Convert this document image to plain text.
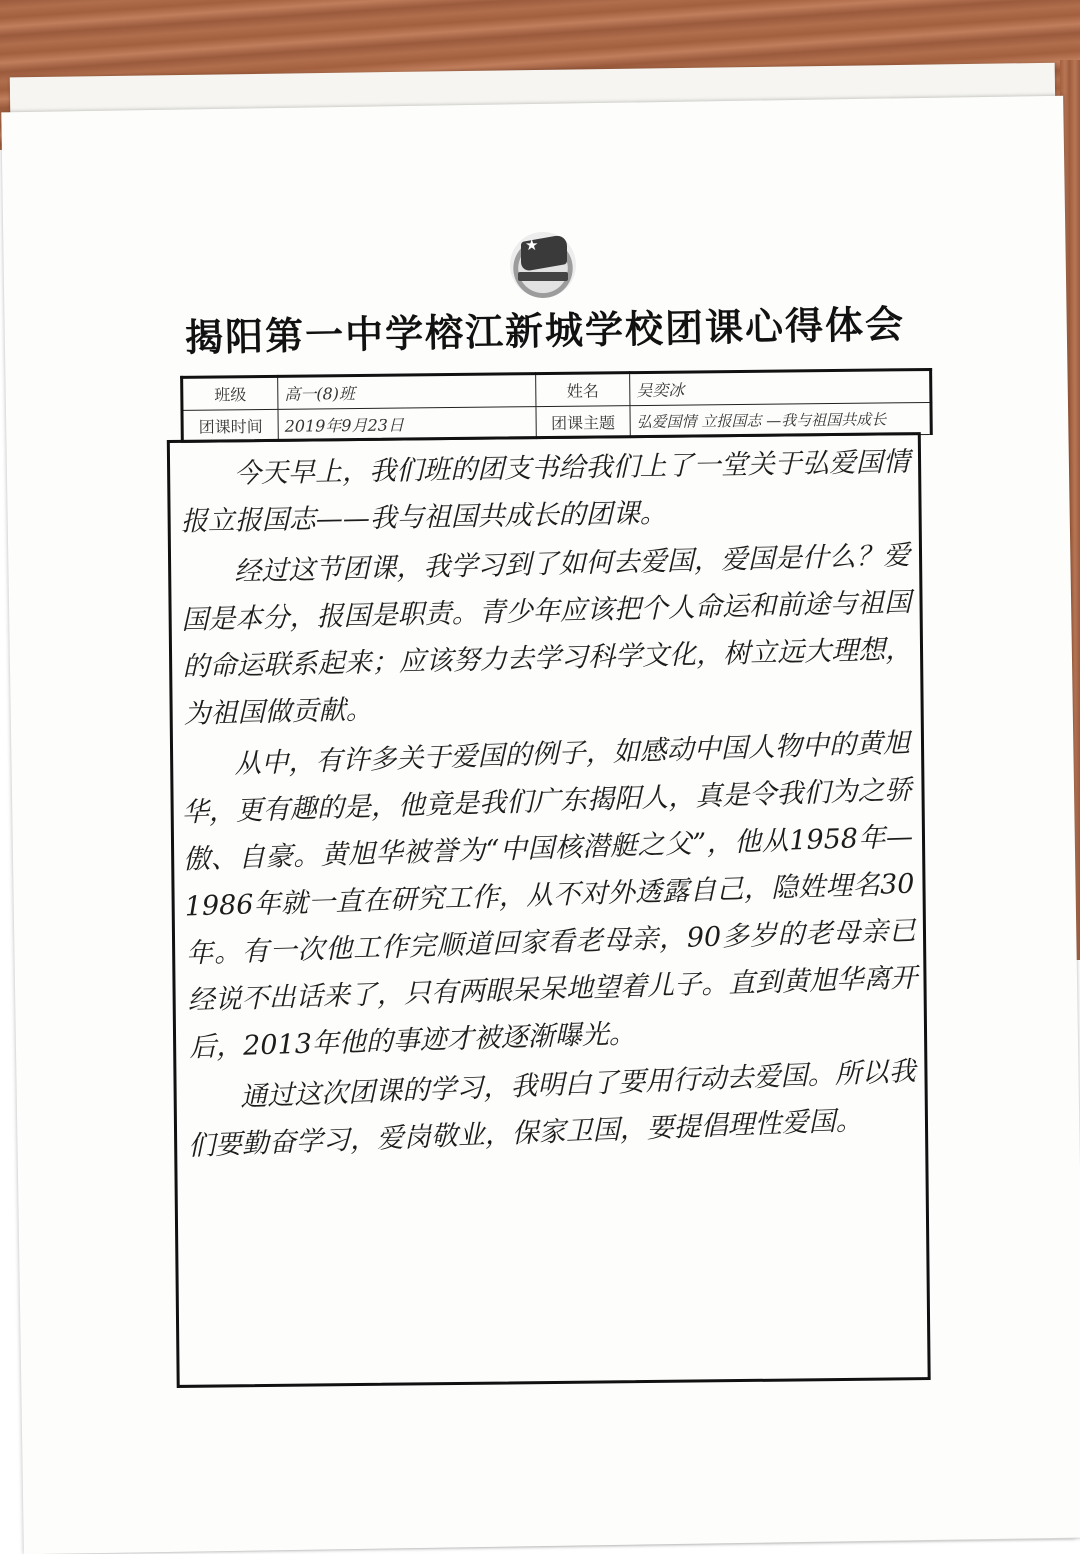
★
揭阳第一中学榕江新城学校团课心得体会
班级	高一(8)班	姓名	吴奕冰
团课时间	2019年9月23日	团课主题	弘爱国情 立报国志 —我与祖国共成长

今天早上，我们班的团支书给我们上了一堂关于弘爱国情报立报国志——我与祖国共成长的团课。

经过这节团课，我学习到了如何去爱国，爱国是什么？爱国是本分，报国是职责。青少年应该把个人命运和前途与祖国的命运联系起来；应该努力去学习科学文化，树立远大理想，为祖国做贡献。

从中，有许多关于爱国的例子，如感动中国人物中的黄旭华，更有趣的是，他竟是我们广东揭阳人，真是令我们为之骄傲、自豪。黄旭华被誉为“中国核潜艇之父”，他从1958年—1986年就一直在研究工作，从不对外透露自己，隐姓埋名30年。有一次他工作完顺道回家看老母亲，90多岁的老母亲已经说不出话来了，只有两眼呆呆地望着儿子。直到黄旭华离开后，2013年他的事迹才被逐渐曝光。

通过这次团课的学习，我明白了要用行动去爱国。所以我们要勤奋学习，爱岗敬业，保家卫国，要提倡理性爱国。
